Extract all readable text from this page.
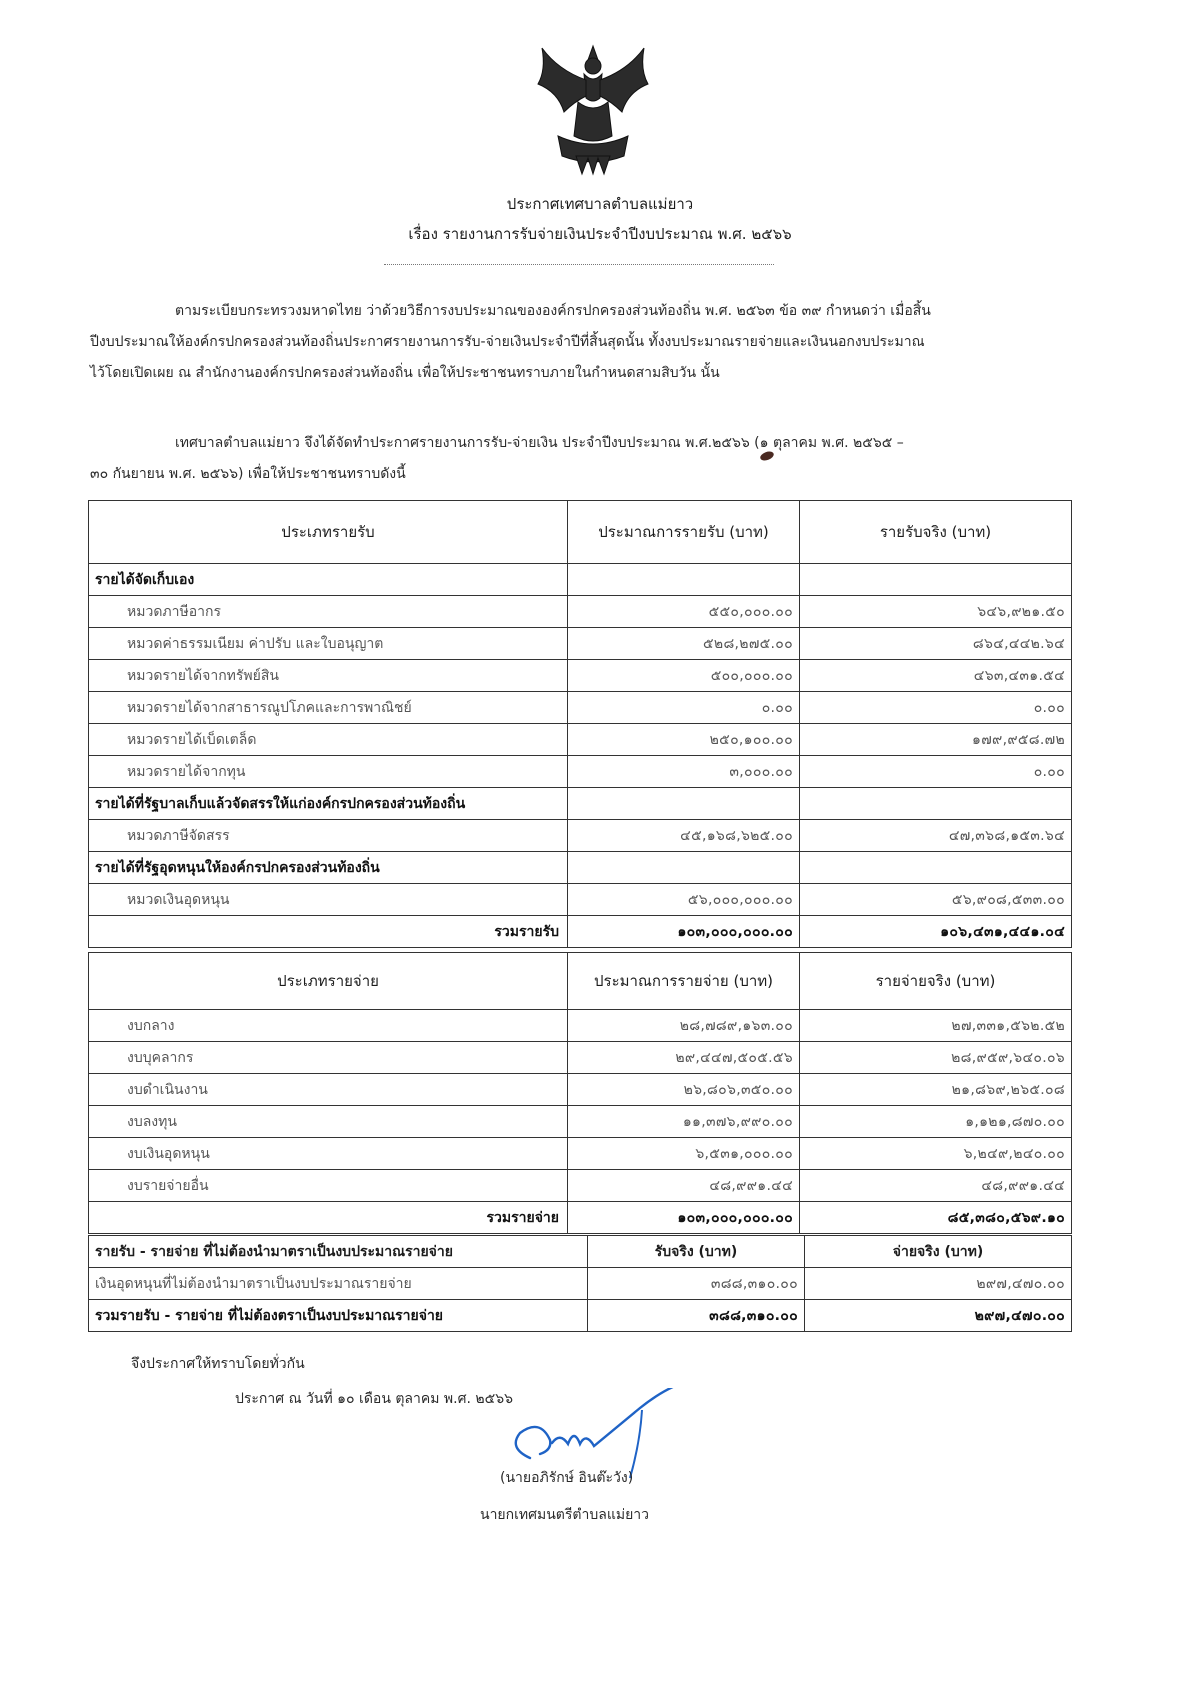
ประกาศเทศบาลตำบลแม่ยาว
เรื่อง รายงานการรับจ่ายเงินประจำปีงบประมาณ พ.ศ. ๒๕๖๖
ตามระเบียบกระทรวงมหาดไทย ว่าด้วยวิธีการงบประมาณขององค์กรปกครองส่วนท้องถิ่น พ.ศ. ๒๕๖๓ ข้อ ๓๙ กำหนดว่า เมื่อสิ้น
ปีงบประมาณให้องค์กรปกครองส่วนท้องถิ่นประกาศรายงานการรับ-จ่ายเงินประจำปีที่สิ้นสุดนั้น ทั้งงบประมาณรายจ่ายและเงินนอกงบประมาณ
ไว้โดยเปิดเผย ณ สำนักงานองค์กรปกครองส่วนท้องถิ่น เพื่อให้ประชาชนทราบภายในกำหนดสามสิบวัน นั้น
เทศบาลตำบลแม่ยาว จึงได้จัดทำประกาศรายงานการรับ-จ่ายเงิน ประจำปีงบประมาณ พ.ศ.๒๕๖๖ (๑ ตุลาคม พ.ศ. ๒๕๖๕ –
๓๐ กันยายน พ.ศ. ๒๕๖๖) เพื่อให้ประชาชนทราบดังนี้
ประเภทรายรับ	ประมาณการรายรับ (บาท)	รายรับจริง (บาท)
รายได้จัดเก็บเอง		
หมวดภาษีอากร	๕๕๐,๐๐๐.๐๐	๖๔๖,๙๒๑.๕๐
หมวดค่าธรรมเนียม ค่าปรับ และใบอนุญาต	๕๒๘,๒๗๕.๐๐	๘๖๔,๔๔๒.๖๔
หมวดรายได้จากทรัพย์สิน	๕๐๐,๐๐๐.๐๐	๔๖๓,๔๓๑.๕๔
หมวดรายได้จากสาธารณูปโภคและการพาณิชย์	๐.๐๐	๐.๐๐
หมวดรายได้เบ็ดเตล็ด	๒๕๐,๑๐๐.๐๐	๑๗๙,๙๕๘.๗๒
หมวดรายได้จากทุน	๓,๐๐๐.๐๐	๐.๐๐
รายได้ที่รัฐบาลเก็บแล้วจัดสรรให้แก่องค์กรปกครองส่วนท้องถิ่น		
หมวดภาษีจัดสรร	๔๕,๑๖๘,๖๒๕.๐๐	๔๗,๓๖๘,๑๕๓.๖๔
รายได้ที่รัฐอุดหนุนให้องค์กรปกครองส่วนท้องถิ่น		
หมวดเงินอุดหนุน	๕๖,๐๐๐,๐๐๐.๐๐	๕๖,๙๐๘,๕๓๓.๐๐
รวมรายรับ	๑๐๓,๐๐๐,๐๐๐.๐๐	๑๐๖,๔๓๑,๔๔๑.๐๔
ประเภทรายจ่าย	ประมาณการรายจ่าย (บาท)	รายจ่ายจริง (บาท)
งบกลาง	๒๘,๗๘๙,๑๖๓.๐๐	๒๗,๓๓๑,๕๖๒.๕๒
งบบุคลากร	๒๙,๔๔๗,๕๐๕.๕๖	๒๘,๙๕๙,๖๔๐.๐๖
งบดำเนินงาน	๒๖,๘๐๖,๓๕๐.๐๐	๒๑,๘๖๙,๒๖๕.๐๘
งบลงทุน	๑๑,๓๗๖,๙๙๐.๐๐	๑,๑๒๑,๘๗๐.๐๐
งบเงินอุดหนุน	๖,๕๓๑,๐๐๐.๐๐	๖,๒๔๙,๒๔๐.๐๐
งบรายจ่ายอื่น	๔๘,๙๙๑.๔๔	๔๘,๙๙๑.๔๔
รวมรายจ่าย	๑๐๓,๐๐๐,๐๐๐.๐๐	๘๕,๓๘๐,๕๖๙.๑๐
รายรับ - รายจ่าย ที่ไม่ต้องนำมาตราเป็นงบประมาณรายจ่าย	รับจริง (บาท)	จ่ายจริง (บาท)
เงินอุดหนุนที่ไม่ต้องนำมาตราเป็นงบประมาณรายจ่าย	๓๘๘,๓๑๐.๐๐	๒๙๗,๔๗๐.๐๐
รวมรายรับ - รายจ่าย ที่ไม่ต้องตราเป็นงบประมาณรายจ่าย	๓๘๘,๓๑๐.๐๐	๒๙๗,๔๗๐.๐๐
จึงประกาศให้ทราบโดยทั่วกัน
ประกาศ ณ วันที่ ๑๐ เดือน ตุลาคม พ.ศ. ๒๕๖๖
(นายอภิรักษ์ อินต๊ะวัง)
นายกเทศมนตรีตำบลแม่ยาว
